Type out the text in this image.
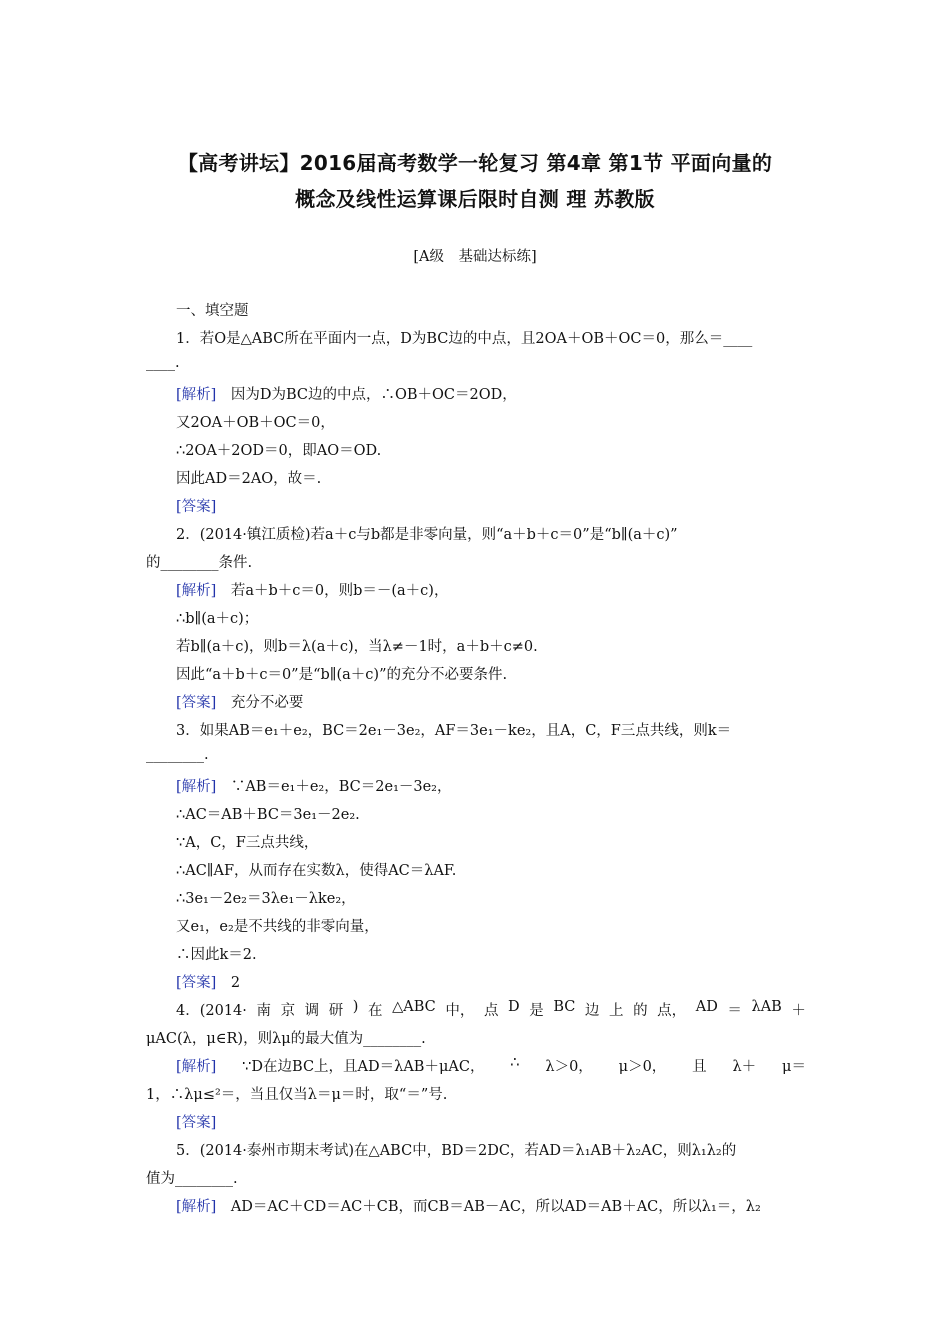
【高考讲坛】2016届高考数学一轮复习 第4章 第1节 平面向量的
概念及线性运算课后限时自测 理 苏教版
[A级　基础达标练]
一、填空题
1．若O是△ABC所在平面内一点，D为BC边的中点，且2OA＋OB＋OC＝0，那么＝____
____.
[解析]　 因为D为BC边的中点，∴OB＋OC＝2OD，
又2OA＋OB＋OC＝0，
∴2OA＋2OD＝0，即AO＝OD.
因此AD＝2AO，故＝.
[答案]
2．(2014·镇江质检)若a＋c与b都是非零向量，则“a＋b＋c＝0”是“b∥(a＋c)”
的________条件.
[解析]　 若a＋b＋c＝0，则b＝－(a＋c)，
∴b∥(a＋c)；
若b∥(a＋c)，则b＝λ(a＋c)，当λ≠－1时，a＋b＋c≠0.
因此“a＋b＋c＝0”是“b∥(a＋c)”的充分不必要条件.
[答案]　 充分不必要
3．如果AB＝e₁＋e₂，BC＝2e₁－3e₂，AF＝3e₁－ke₂，且A，C，F三点共线，则k＝
________.
[解析]　 ∵AB＝e₁＋e₂，BC＝2e₁－3e₂，
∴AC＝AB＋BC＝3e₁－2e₂.
∵A，C，F三点共线，
∴AC∥AF，从而存在实数λ，使得AC＝λAF.
∴3e₁－2e₂＝3λe₁－λke₂，
又e₁，e₂是不共线的非零向量，
∴因此k＝2.
[答案]　 2
4．(2014· 南 京 调 研 ) 在 △ABC 中， 点 D 是 BC 边 上 的 点， AD ＝ λAB ＋
μAC(λ，μ∈R)，则λμ的最大值为________.
[解析] ∵D在边BC上，且AD＝λAB＋μAC， ∴ λ＞0， μ＞0， 且 λ＋ μ＝
1，∴λμ≤²＝，当且仅当λ＝μ＝时，取“＝”号.
[答案]
5．(2014·泰州市期末考试)在△ABC中，BD＝2DC，若AD＝λ₁AB＋λ₂AC，则λ₁λ₂的
值为________.
[解析]　 AD＝AC＋CD＝AC＋CB，而CB＝AB－AC，所以AD＝AB＋AC，所以λ₁＝，λ₂
